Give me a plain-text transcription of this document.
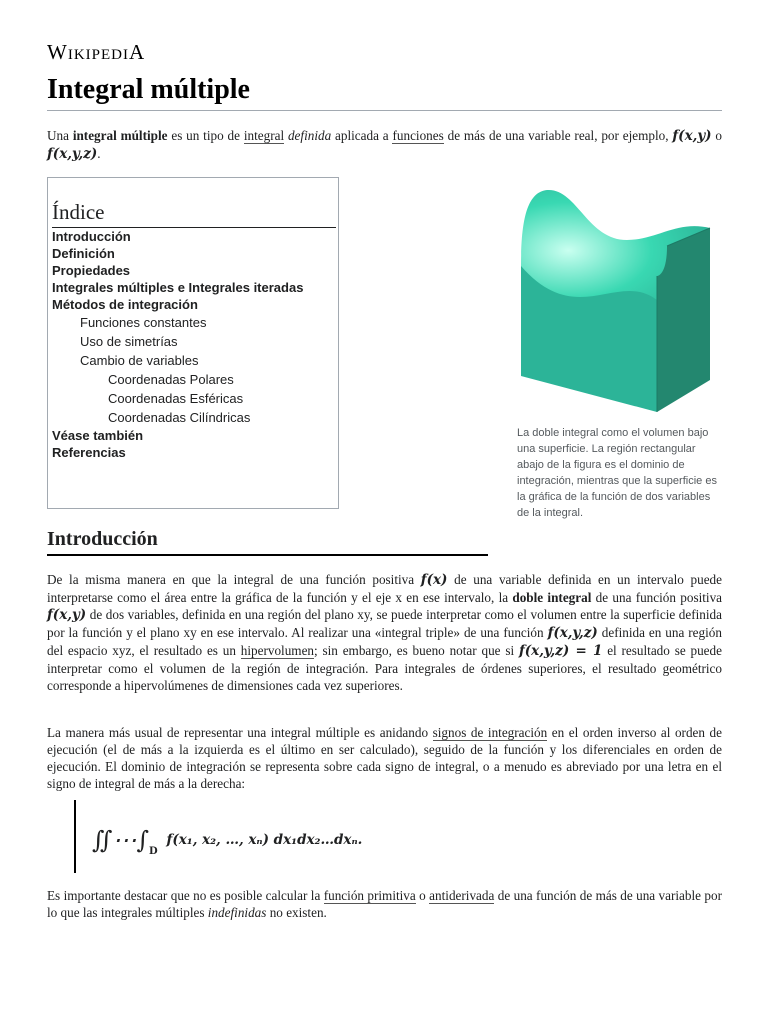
WIKIPEDIA
Integral múltiple

Una integral múltiple es un tipo de integral definida aplicada a funciones de más de una variable real, por ejemplo, f(x,y) o f(x,y,z).

Índice
Introducción
Definición
Propiedades
Integrales múltiples e Integrales iteradas
Métodos de integración
Funciones constantes
Uso de simetrías
Cambio de variables
Coordenadas Polares
Coordenadas Esféricas
Coordenadas Cilíndricas
Véase también
Referencias
La doble integral como el volumen bajo una superficie. La región rectangular abajo de la figura es el dominio de integración, mientras que la superficie es la gráfica de la función de dos variables de la integral.
Introducción

De la misma manera en que la integral de una función positiva f(x) de una variable definida en un intervalo puede interpretarse como el área entre la gráfica de la función y el eje x en ese intervalo, la doble integral de una función positiva f(x,y) de dos variables, definida en una región del plano xy, se puede interpretar como el volumen entre la superficie definida por la función y el plano xy en ese intervalo. Al realizar una «integral triple» de una función f(x,y,z) definida en una región del espacio xyz, el resultado es un hipervolumen; sin embargo, es bueno notar que si f(x,y,z) = 1 el resultado se puede interpretar como el volumen de la región de integración. Para integrales de órdenes superiores, el resultado geométrico corresponde a hipervolúmenes de dimensiones cada vez superiores.

La manera más usual de representar una integral múltiple es anidando signos de integración en el orden inverso al orden de ejecución (el de más a la izquierda es el último en ser calculado), seguido de la función y los diferenciales en orden de ejecución. El dominio de integración se representa sobre cada signo de integral, o a menudo es abreviado por una letra en el signo de integral de más a la derecha:

$∬\cdots\int_D$  f(x₁, x₂, …, xₙ) dx₁dx₂…dxₙ.

Es importante destacar que no es posible calcular la función primitiva o antiderivada de una función de más de una variable por lo que las integrales múltiples indefinidas no existen.
